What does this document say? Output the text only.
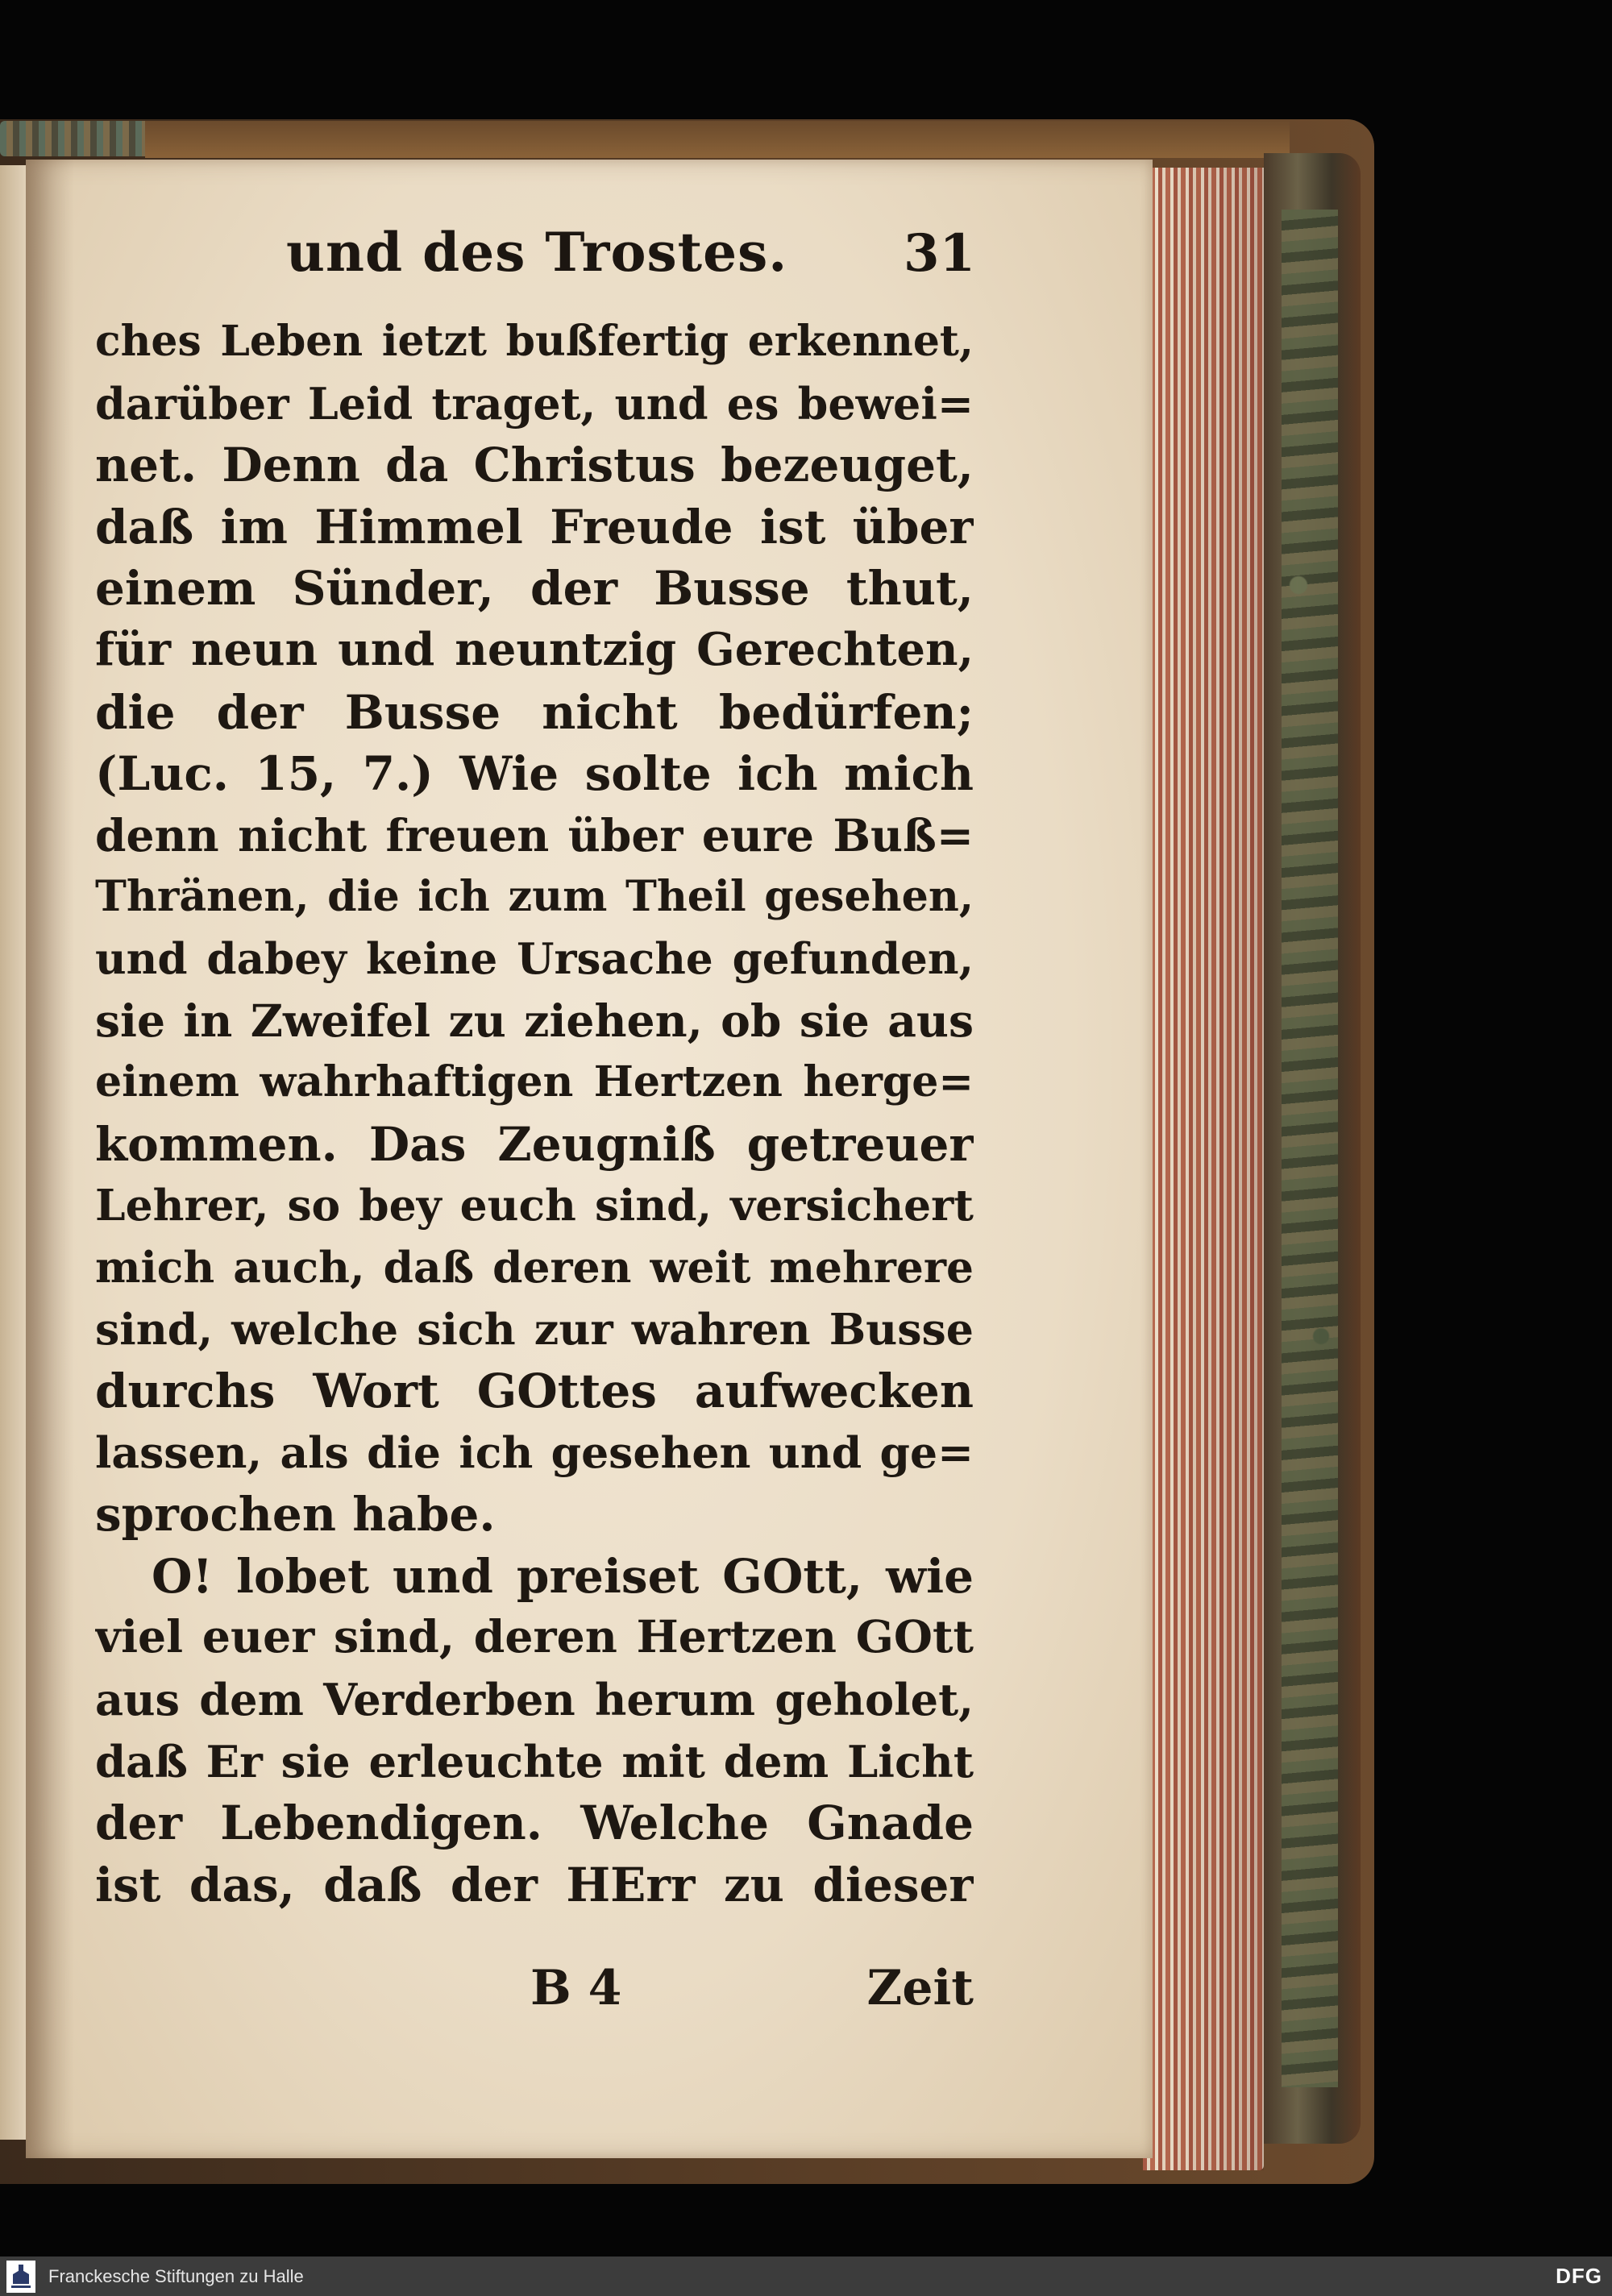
und des Trostes. 31
ches Leben ietzt bußfertig erkennet,
darüber Leid traget, und es bewei=
net. Denn da Christus bezeuget,
daß im Himmel Freude ist über
einem Sünder, der Busse thut,
für neun und neuntzig Gerechten,
die der Busse nicht bedürfen;
(Luc. 15, 7.) Wie solte ich mich
denn nicht freuen über eure Buß=
Thränen, die ich zum Theil gesehen,
und dabey keine Ursache gefunden,
sie in Zweifel zu ziehen, ob sie aus
einem wahrhaftigen Hertzen herge=
kommen. Das Zeugniß getreuer
Lehrer, so bey euch sind, versichert
mich auch, daß deren weit mehrere
sind, welche sich zur wahren Busse
durchs Wort GOttes aufwecken
lassen, als die ich gesehen und ge=
sprochen habe.
O! lobet und preiset GOtt, wie
viel euer sind, deren Hertzen GOtt
aus dem Verderben herum geholet,
daß Er sie erleuchte mit dem Licht
der Lebendigen. Welche Gnade
ist das, daß der HErr zu dieser
B 4	Zeit
Franckesche Stiftungen zu Halle	DFG
